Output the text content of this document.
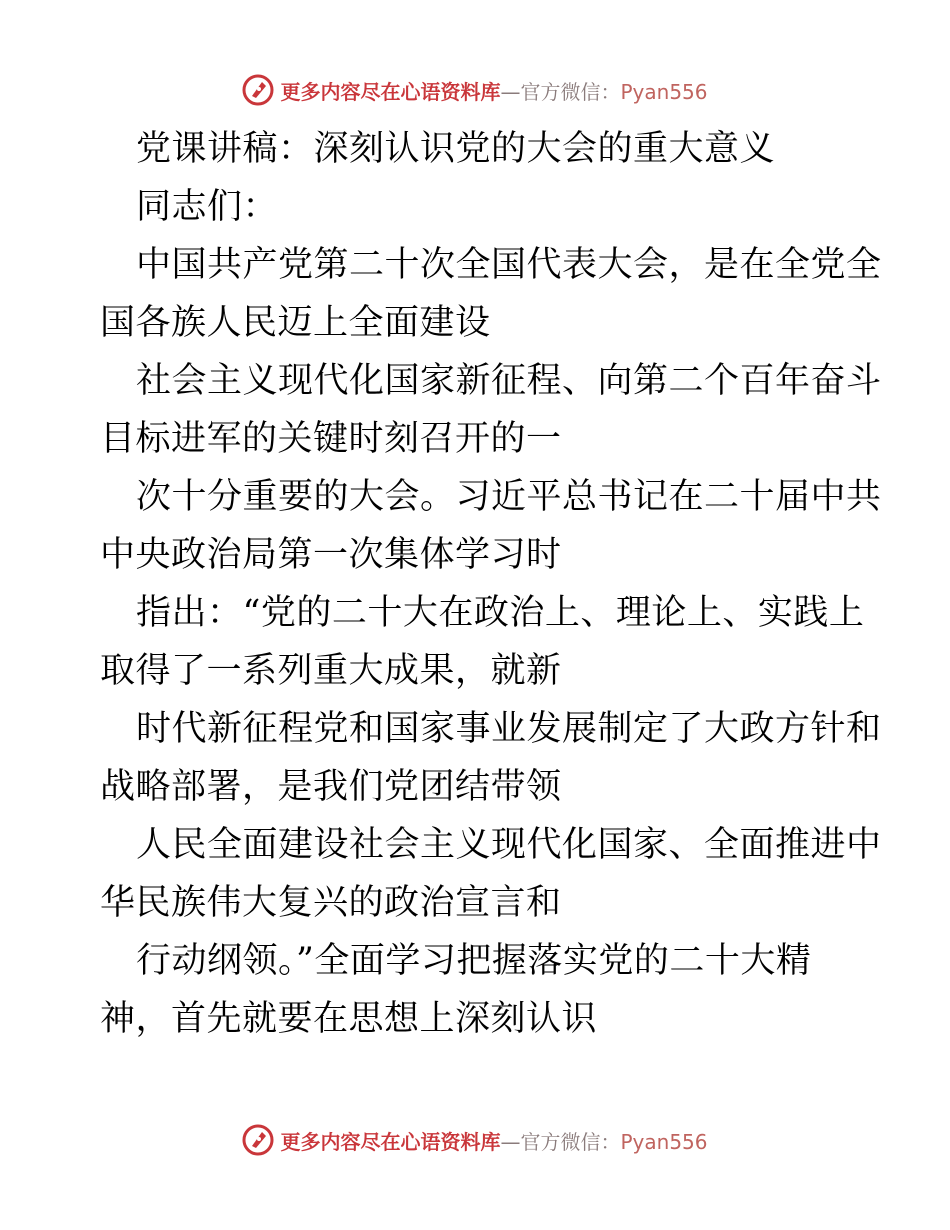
更多内容尽在心语资料库—官方微信：Pyan556
党课讲稿：深刻认识党的大会的重大意义
同志们：
中国共产党第二十次全国代表大会，是在全党全
国各族人民迈上全面建设
社会主义现代化国家新征程、向第二个百年奋斗
目标进军的关键时刻召开的一
次十分重要的大会。习近平总书记在二十届中共
中央政治局第一次集体学习时
指出：“党的二十大在政治上、理论上、实践上
取得了一系列重大成果，就新
时代新征程党和国家事业发展制定了大政方针和
战略部署，是我们党团结带领
人民全面建设社会主义现代化国家、全面推进中
华民族伟大复兴的政治宣言和
行动纲领。”全面学习把握落实党的二十大精
神，首先就要在思想上深刻认识
更多内容尽在心语资料库—官方微信：Pyan556
